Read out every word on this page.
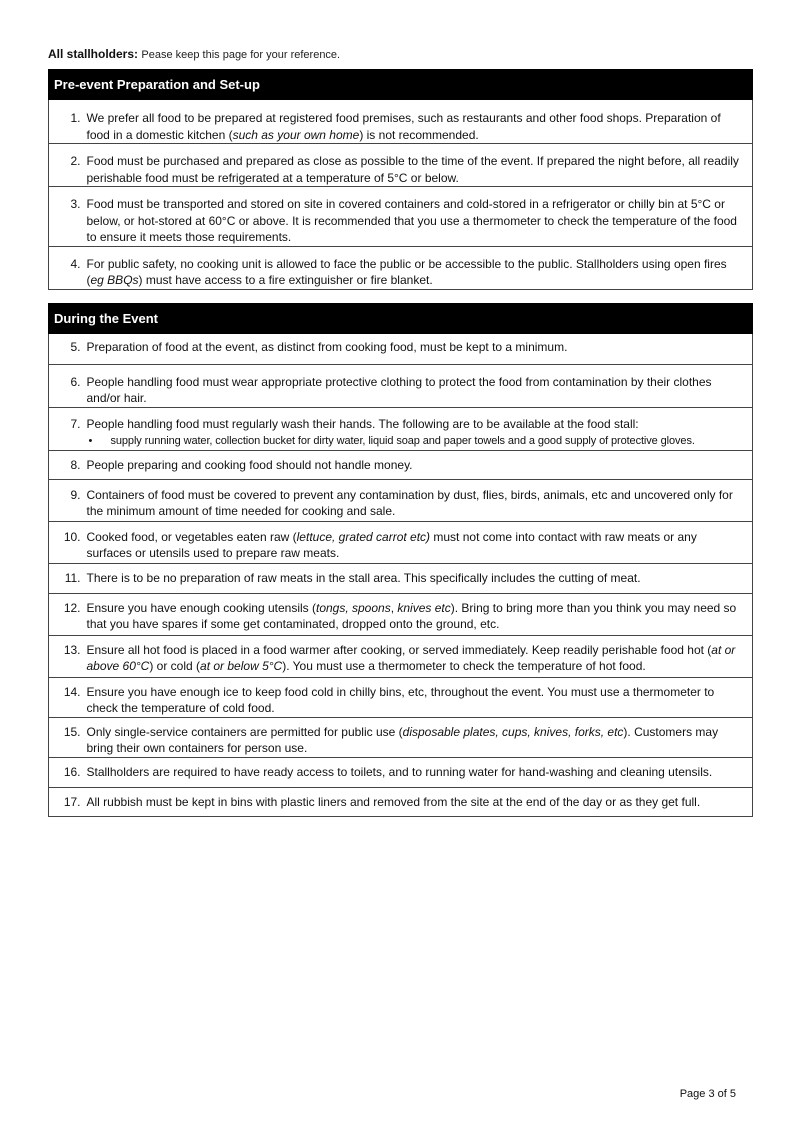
All stallholders: Pease keep this page for your reference.
Pre-event Preparation and Set-up
1.	We prefer all food to be prepared at registered food premises, such as restaurants and other food shops. Preparation of food in a domestic kitchen (such as your own home) is not recommended.

2.	Food must be purchased and prepared as close as possible to the time of the event. If prepared the night before, all readily perishable food must be refrigerated at a temperature of 5°C or below.

3.	Food must be transported and stored on site in covered containers and cold-stored in a refrigerator or chilly bin at 5°C or below, or hot-stored at 60°C or above. It is recommended that you use a thermometer to check the temperature of the food to ensure it meets those requirements.

4.	For public safety, no cooking unit is allowed to face the public or be accessible to the public. Stallholders using open fires (eg BBQs) must have access to a fire extinguisher or fire blanket.
During the Event
5.	Preparation of food at the event, as distinct from cooking food, must be kept to a minimum.

6.	People handling food must wear appropriate protective clothing to protect the food from contamination by their clothes and/or hair.

7.	People handling food must regularly wash their hands. The following are to be available at the food stall:
• supply running water, collection bucket for dirty water, liquid soap and paper towels and a good supply of protective gloves.

8.	People preparing and cooking food should not handle money.

9.	Containers of food must be covered to prevent any contamination by dust, flies, birds, animals, etc and uncovered only for the minimum amount of time needed for cooking and sale.

10.	Cooked food, or vegetables eaten raw (lettuce, grated carrot etc) must not come into contact with raw meats or any surfaces or utensils used to prepare raw meats.

11.	There is to be no preparation of raw meats in the stall area. This specifically includes the cutting of meat.

12.	Ensure you have enough cooking utensils (tongs, spoons, knives etc). Bring to bring more than you think you may need so that you have spares if some get contaminated, dropped onto the ground, etc.

13.	Ensure all hot food is placed in a food warmer after cooking, or served immediately. Keep readily perishable food hot (at or above 60°C) or cold (at or below 5°C). You must use a thermometer to check the temperature of hot food.

14.	Ensure you have enough ice to keep food cold in chilly bins, etc, throughout the event. You must use a thermometer to check the temperature of cold food.

15.	Only single-service containers are permitted for public use (disposable plates, cups, knives, forks, etc). Customers may bring their own containers for person use.

16.	Stallholders are required to have ready access to toilets, and to running water for hand-washing and cleaning utensils.

17.	All rubbish must be kept in bins with plastic liners and removed from the site at the end of the day or as they get full.
Page 3 of 5
